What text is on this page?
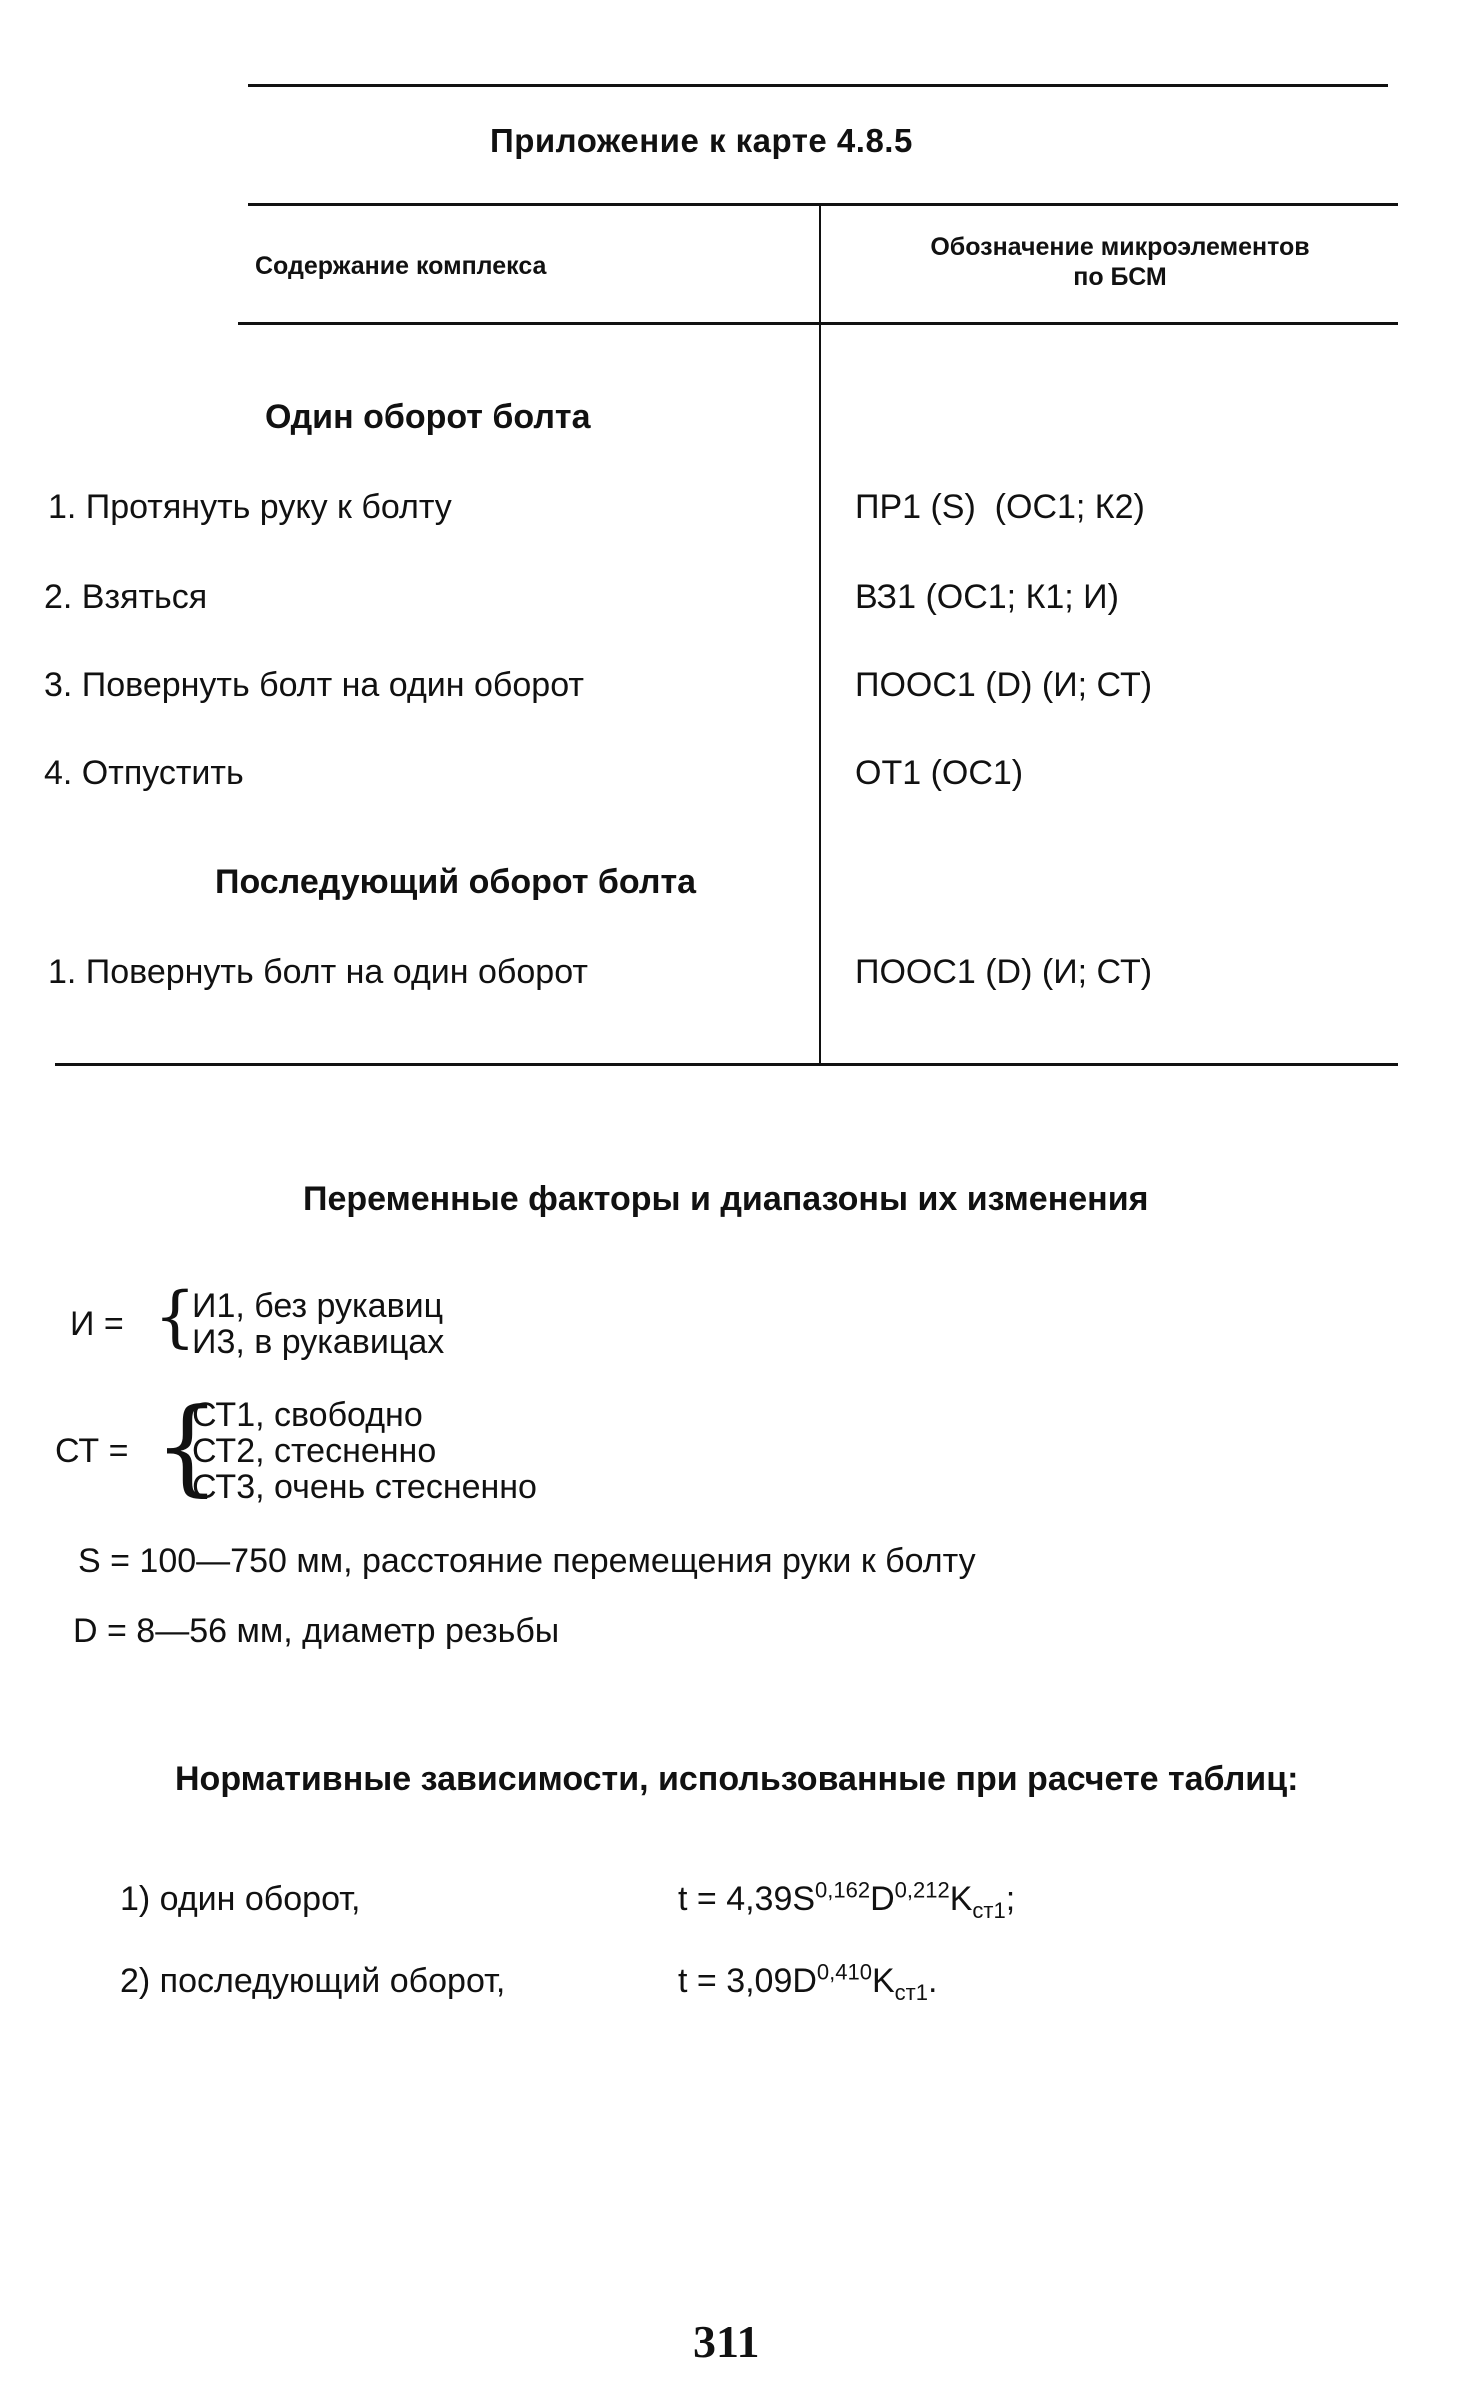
Приложение к карте 4.8.5
Содержание комплекса
Обозначение микроэлементов
по БСМ
Один оборот болта
1. Протянуть руку к болту	ПР1 (S)  (ОС1; К2)
2. Взяться	ВЗ1 (ОС1; К1; И)
3. Повернуть болт на один оборот	ПООС1 (D) (И; СТ)
4. Отпустить	ОТ1 (ОС1)
Последующий оборот болта
1. Повернуть болт на один оборот	ПООС1 (D) (И; СТ)
Переменные факторы и диапазоны их изменения
И = {
И1, без рукавиц
И3, в рукавицах
СТ = {
СТ1, свободно
СТ2, стесненно
СТ3, очень стесненно
S = 100—750 мм, расстояние перемещения руки к болту
D = 8—56 мм, диаметр резьбы
Нормативные зависимости, использованные при расчете таблиц:
1) один оборот,	$t = 4,39S^{0,162}D^{0,212}K_{ст1}$;
2) последующий оборот,	$t = 3,09D^{0,410}K_{ст1}$.
311
